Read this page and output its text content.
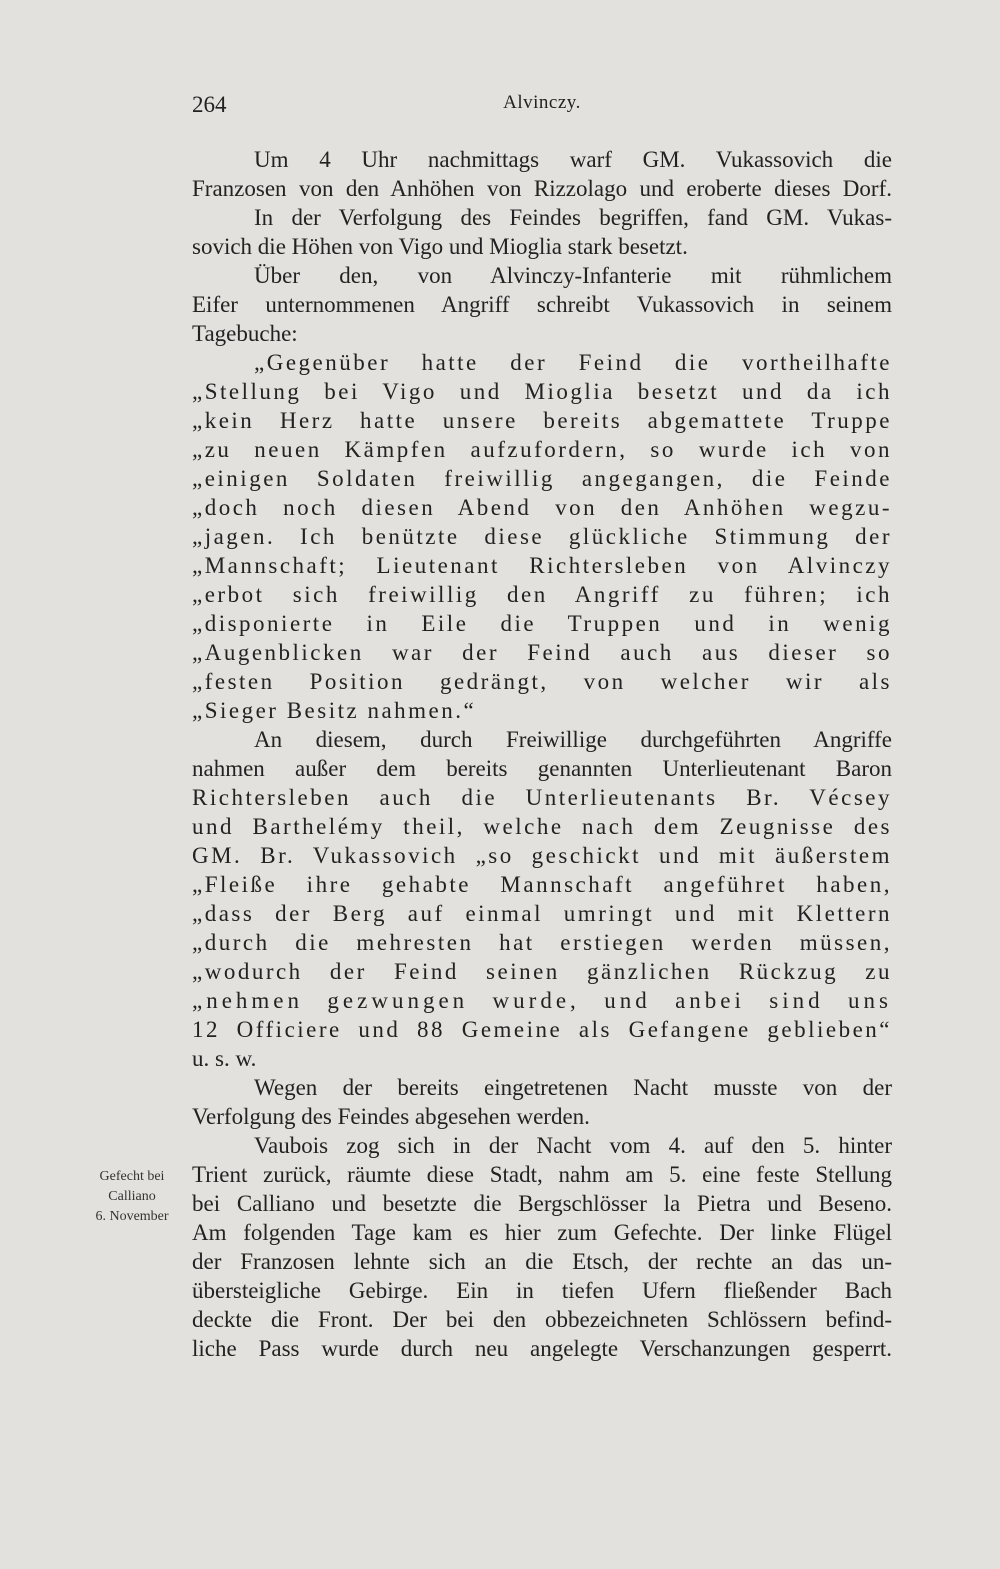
264	Alvinczy.
Um 4 Uhr nachmittags warf GM. Vukassovich die
Franzosen von den Anhöhen von Rizzolago und eroberte dieses Dorf.
In der Verfolgung des Feindes begriffen, fand GM. Vukas-
sovich die Höhen von Vigo und Mioglia stark besetzt.
Über den, von Alvinczy-Infanterie mit rühmlichem
Eifer unternommenen Angriff schreibt Vukassovich in seinem
Tagebuche:
„Gegenüber hatte der Feind die vortheilhafte
„Stellung bei Vigo und Mioglia besetzt und da ich
„kein Herz hatte unsere bereits abgemattete Truppe
„zu neuen Kämpfen aufzufordern, so wurde ich von
„einigen Soldaten freiwillig angegangen, die Feinde
„doch noch diesen Abend von den Anhöhen wegzu-
„jagen. Ich benützte diese glückliche Stimmung der
„Mannschaft; Lieutenant Richtersleben von Alvinczy
„erbot sich freiwillig den Angriff zu führen; ich
„disponierte in Eile die Truppen und in wenig
„Augenblicken war der Feind auch aus dieser so
„festen Position gedrängt, von welcher wir als
„Sieger Besitz nahmen.“
An diesem, durch Freiwillige durchgeführten Angriffe
nahmen außer dem bereits genannten Unterlieutenant Baron
Richtersleben auch die Unterlieutenants Br. Vécsey
und Barthelémy theil, welche nach dem Zeugnisse des
GM. Br. Vukassovich „so geschickt und mit äußerstem
„Fleiße ihre gehabte Mannschaft angeführet haben,
„dass der Berg auf einmal umringt und mit Klettern
„durch die mehresten hat erstiegen werden müssen,
„wodurch der Feind seinen gänzlichen Rückzug zu
„nehmen gezwungen wurde, und anbei sind uns
12 Officiere und 88 Gemeine als Gefangene geblieben“
u. s. w.
Wegen der bereits eingetretenen Nacht musste von der
Verfolgung des Feindes abgesehen werden.
Vaubois zog sich in der Nacht vom 4. auf den 5. hinter
Trient zurück, räumte diese Stadt, nahm am 5. eine feste Stellung
bei Calliano und besetzte die Bergschlösser la Pietra und Beseno.
Am folgenden Tage kam es hier zum Gefechte. Der linke Flügel
der Franzosen lehnte sich an die Etsch, der rechte an das un-
übersteigliche Gebirge. Ein in tiefen Ufern fließender Bach
deckte die Front. Der bei den obbezeichneten Schlössern befind-
liche Pass wurde durch neu angelegte Verschanzungen gesperrt.
Gefecht bei
Calliano
6. November
